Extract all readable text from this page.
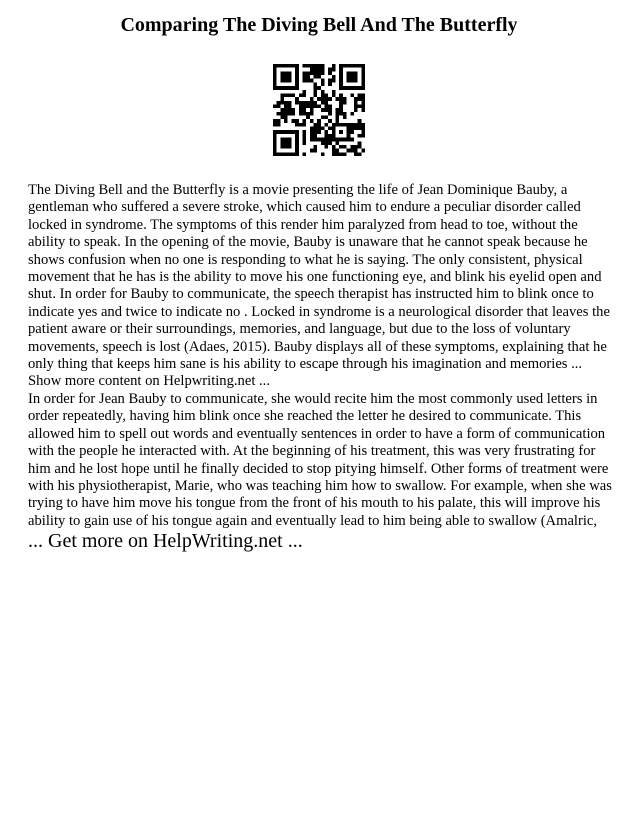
Comparing The Diving Bell And The Butterfly

The Diving Bell and the Butterfly is a movie presenting the life of Jean Dominique Bauby, a gentleman who suffered a severe stroke, which caused him to endure a peculiar disorder called locked in syndrome. The symptoms of this render him paralyzed from head to toe, without the ability to speak. In the opening of the movie, Bauby is unaware that he cannot speak because he shows confusion when no one is responding to what he is saying. The only consistent, physical movement that he has is the ability to move his one functioning eye, and blink his eyelid open and shut. In order for Bauby to communicate, the speech therapist has instructed him to blink once to indicate yes and twice to indicate no . Locked in syndrome is a neurological disorder that leaves the patient aware or their surroundings, memories, and language, but due to the loss of voluntary movements, speech is lost (Adaes, 2015). Bauby displays all of these symptoms, explaining that he only thing that keeps him sane is his ability to escape through his imagination and memories ... Show more content on Helpwriting.net ...

In order for Jean Bauby to communicate, she would recite him the most commonly used letters in order repeatedly, having him blink once she reached the letter he desired to communicate. This allowed him to spell out words and eventually sentences in order to have a form of communication with the people he interacted with. At the beginning of his treatment, this was very frustrating for him and he lost hope until he finally decided to stop pitying himself. Other forms of treatment were with his physiotherapist, Marie, who was teaching him how to swallow. For example, when she was trying to have him move his tongue from the front of his mouth to his palate, this will improve his ability to gain use of his tongue again and eventually lead to him being able to swallow (Amalric,

... Get more on HelpWriting.net ...
